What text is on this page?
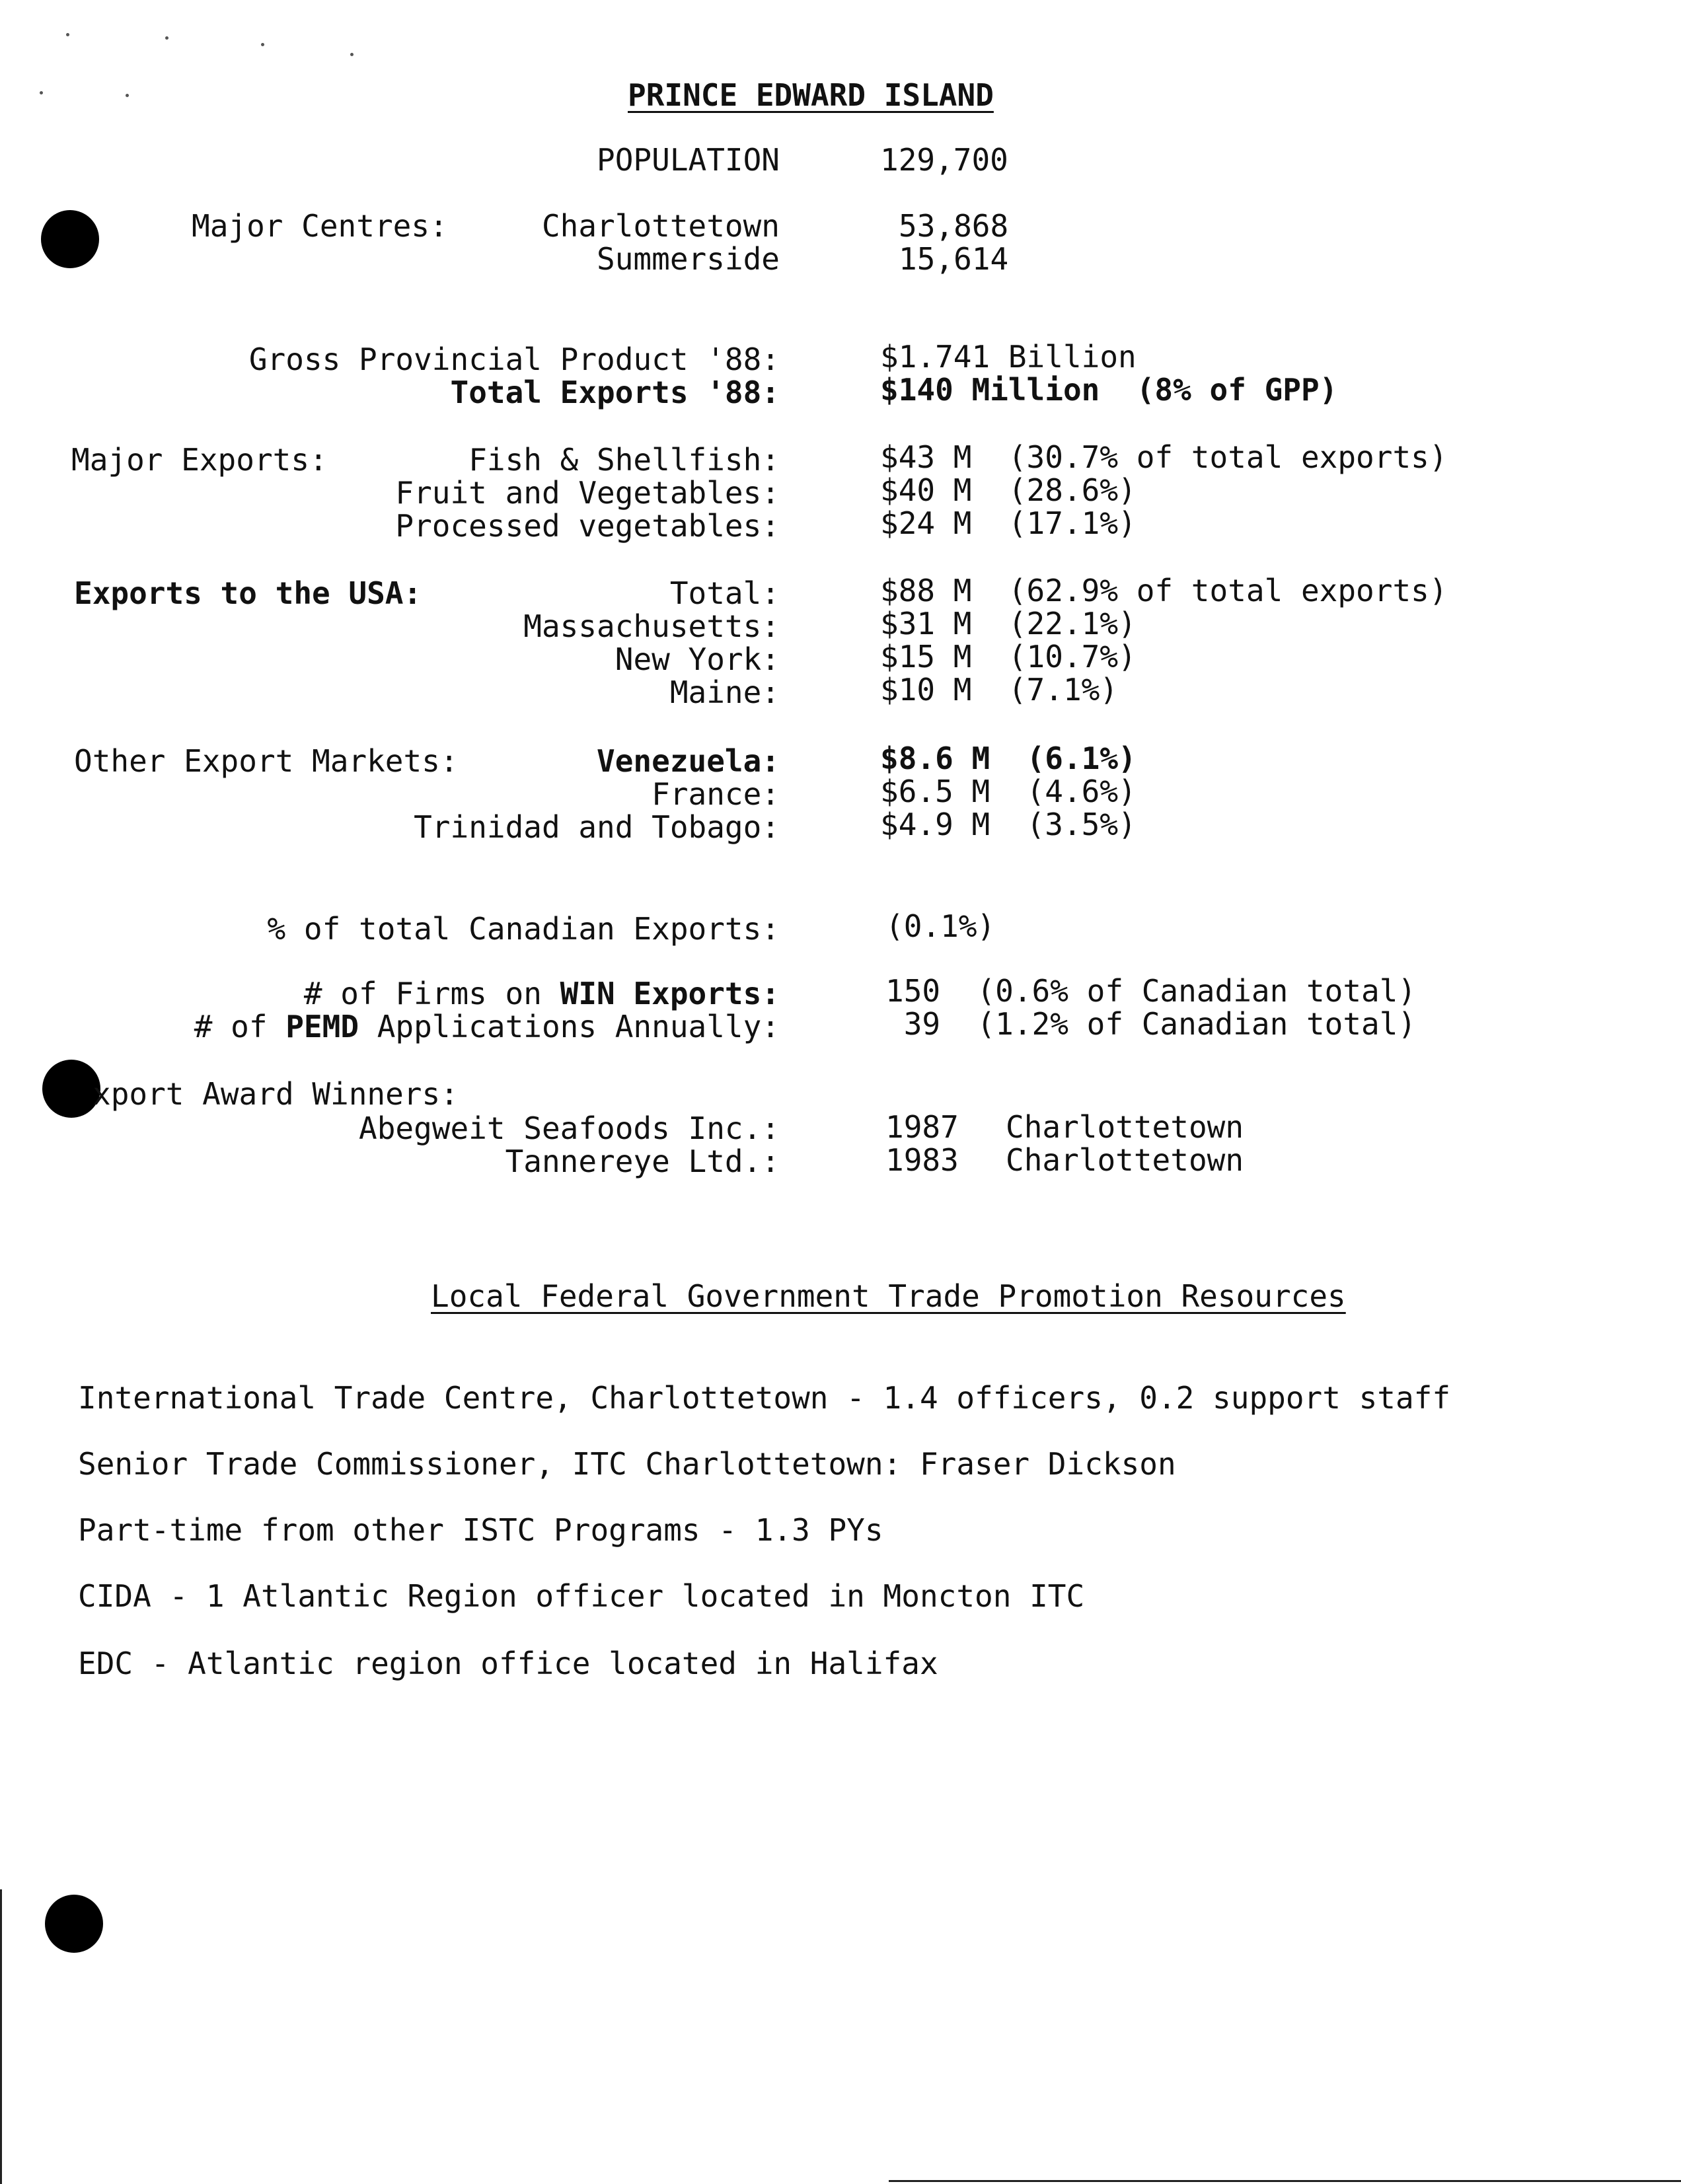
PRINCE EDWARD ISLAND
POPULATION	129,700
Major Centres:	Charlottetown	53,868
Summerside	15,614
Gross Provincial Product '88:	$1.741 Billion
Total Exports '88:	$140 Million  (8% of GPP)
Major Exports:	Fish & Shellfish:	$43 M  (30.7% of total exports)
Fruit and Vegetables:	$40 M  (28.6%)
Processed vegetables:	$24 M  (17.1%)
Exports to the USA:	Total:	$88 M  (62.9% of total exports)
Massachusetts:	$31 M  (22.1%)
New York:	$15 M  (10.7%)
Maine:	$10 M  (7.1%)
Other Export Markets:	Venezuela:	$8.6 M  (6.1%)
France:	$6.5 M  (4.6%)
Trinidad and Tobago:	$4.9 M  (3.5%)
% of total Canadian Exports:	(0.1%)
# of Firms on WIN Exports:	150  (0.6% of Canadian total)
# of PEMD Applications Annually:	39  (1.2% of Canadian total)
xport Award Winners:
Abegweit Seafoods Inc.:	1987 Charlottetown
Tannereye Ltd.:	1983 Charlottetown
Local Federal Government Trade Promotion Resources
International Trade Centre, Charlottetown - 1.4 officers, 0.2 support staff
Senior Trade Commissioner, ITC Charlottetown: Fraser Dickson
Part-time from other ISTC Programs - 1.3 PYs
CIDA - 1 Atlantic Region officer located in Moncton ITC
EDC - Atlantic region office located in Halifax
